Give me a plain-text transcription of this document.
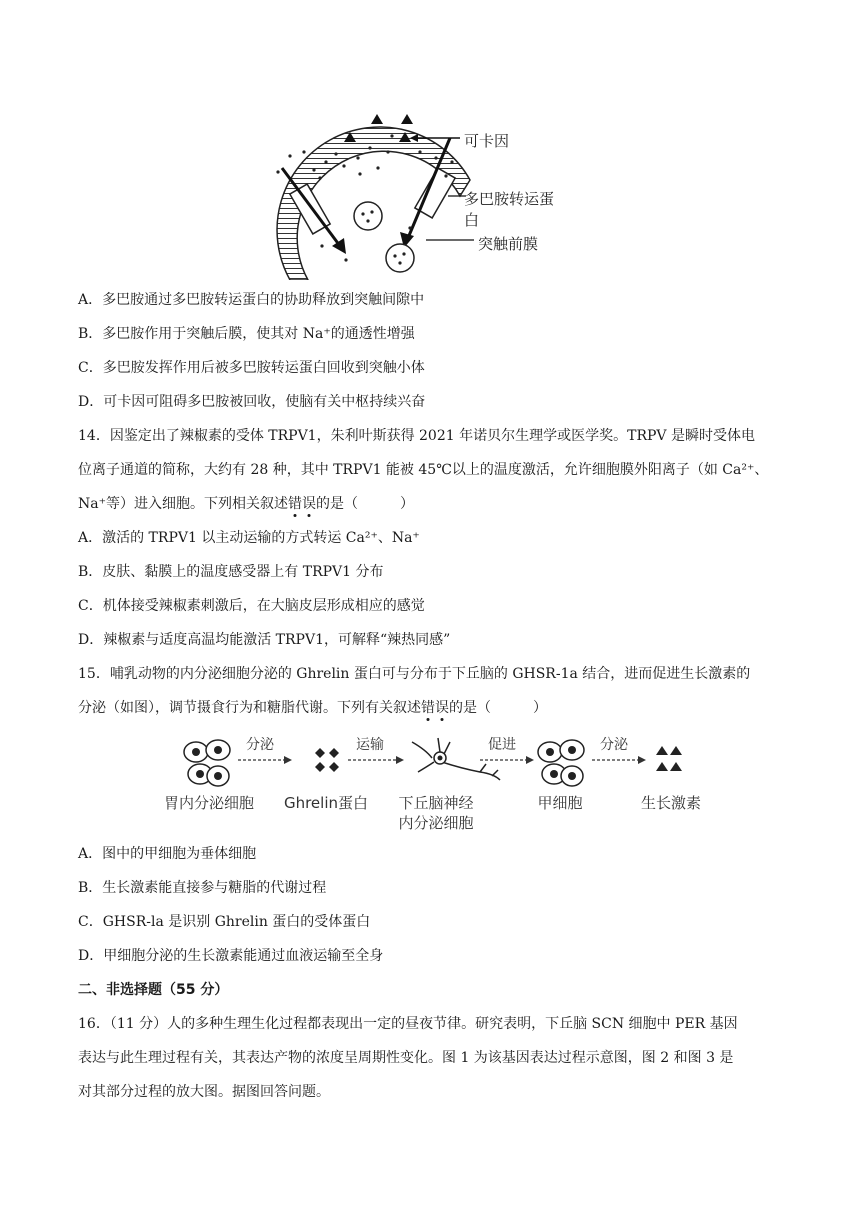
可卡因
多巴胺转运蛋白
突触前膜
A．多巴胺通过多巴胺转运蛋白的协助释放到突触间隙中
B．多巴胺作用于突触后膜，使其对 Na⁺的通透性增强
C．多巴胺发挥作用后被多巴胺转运蛋白回收到突触小体
D．可卡因可阻碍多巴胺被回收，使脑有关中枢持续兴奋
14．因鉴定出了辣椒素的受体 TRPV1，朱利叶斯获得 2021 年诺贝尔生理学或医学奖。TRPV 是瞬时受体电
位离子通道的简称，大约有 28 种，其中 TRPV1 能被 45℃以上的温度激活，允许细胞膜外阳离子（如 Ca²⁺、
Na⁺等）进入细胞。下列相关叙述错误的是（　　　）
A．激活的 TRPV1 以主动运输的方式转运 Ca²⁺、Na⁺
B．皮肤、黏膜上的温度感受器上有 TRPV1 分布
C．机体接受辣椒素刺激后，在大脑皮层形成相应的感觉
D．辣椒素与适度高温均能激活 TRPV1，可解释“辣热同感”
15．哺乳动物的内分泌细胞分泌的 Ghrelin 蛋白可与分布于下丘脑的 GHSR-1a 结合，进而促进生长激素的
分泌（如图），调节摄食行为和糖脂代谢。下列有关叙述错误的是（　　　）
分泌	运输	促进	分泌
胃内分泌细胞	Ghrelin蛋白	下丘脑神经
内分泌细胞
甲细胞	生长激素
A．图中的甲细胞为垂体细胞
B．生长激素能直接参与糖脂的代谢过程
C．GHSR-la 是识别 Ghrelin 蛋白的受体蛋白
D．甲细胞分泌的生长激素能通过血液运输至全身
二、非选择题（55 分）
16．（11 分）人的多种生理生化过程都表现出一定的昼夜节律。研究表明，下丘脑 SCN 细胞中 PER 基因
表达与此生理过程有关，其表达产物的浓度呈周期性变化。图 1 为该基因表达过程示意图，图 2 和图 3 是
对其部分过程的放大图。据图回答问题。
